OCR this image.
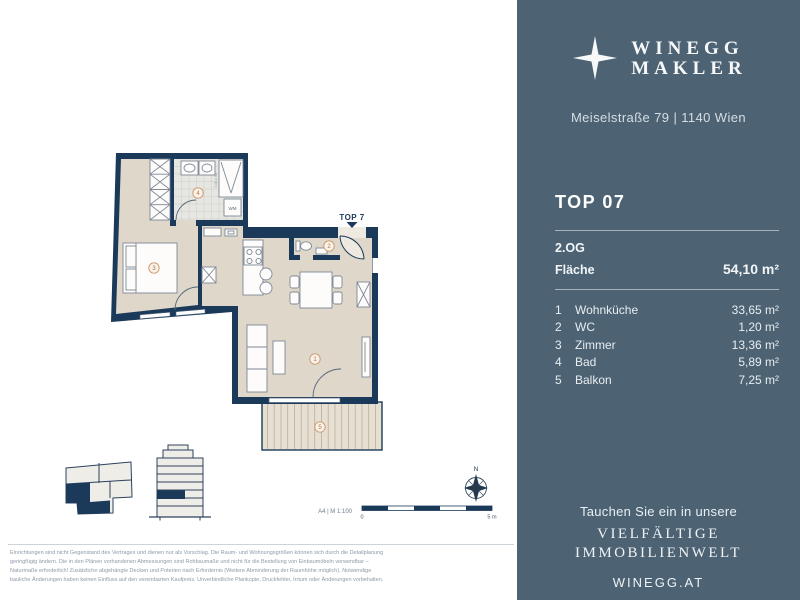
TOP 7
WM
140 x 90
1
2
3
4
5
A4 | M 1:100
0	5 m
N
Einrichtungen sind nicht Gegenstand des Vertrages und dienen nur als Vorschlag. Die Raum- und Wohnungsgrößen können sich durch die Detailplanung
geringfügig ändern. Die in den Plänen vorhandenen Abmessungen sind Rohbaumaße und nicht für die Bestellung von Einbaumöbeln verwendbar –
Naturmaße erforderlich! Zusätzliche abgehängte Decken und Poterien nach Erfordernis (Weitere Abminderung der Raumhöhe möglich). Notwendige
bauliche Änderungen haben keinen Einfluss auf den vereinbarten Kaufpreis. Unverbindliche Plankopie, Druckfehler, Irrtum oder Änderungen vorbehalten.
WINEGG
MAKLER
Meiselstraße 79 | 1140 Wien
TOP 07
2.OG
Fläche	54,10 m²
1	Wohnküche	33,65 m²
2	WC	1,20 m²
3	Zimmer	13,36 m²
4	Bad	5,89 m²
5	Balkon	7,25 m²
Tauchen Sie ein in unsere
VIELFÄLTIGE
IMMOBILIENWELT
WINEGG.AT
